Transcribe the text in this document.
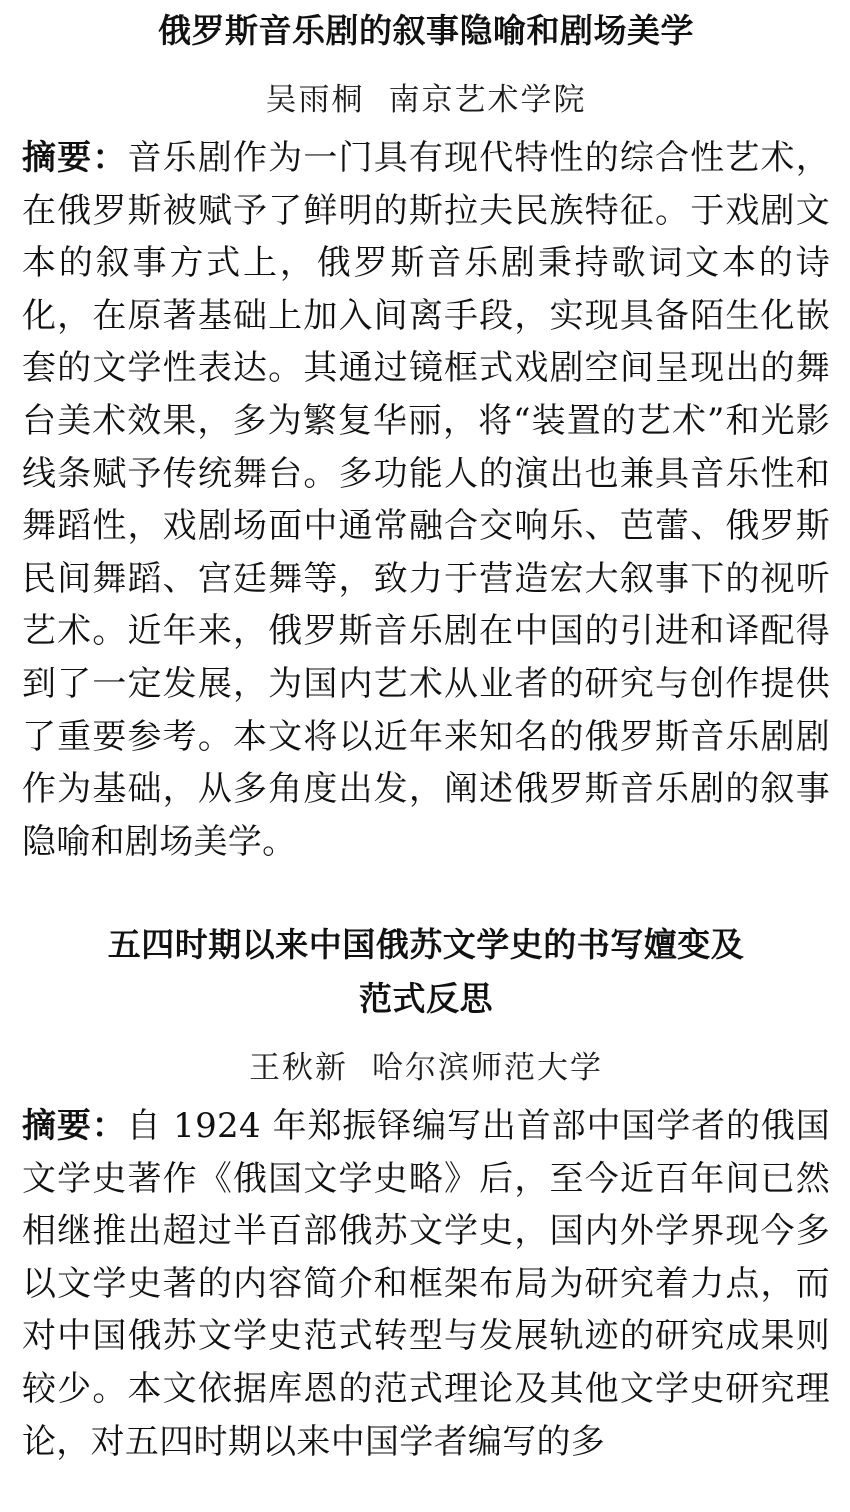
俄罗斯音乐剧的叙事隐喻和剧场美学
吴雨桐 南京艺术学院

摘要：音乐剧作为一门具有现代特性的综合性艺术，在俄罗斯被赋予了鲜明的斯拉夫民族特征。于戏剧文本的叙事方式上，俄罗斯音乐剧秉持歌词文本的诗化，在原著基础上加入间离手段，实现具备陌生化嵌套的文学性表达。其通过镜框式戏剧空间呈现出的舞台美术效果，多为繁复华丽，将“装置的艺术”和光影线条赋予传统舞台。多功能人的演出也兼具音乐性和舞蹈性，戏剧场面中通常融合交响乐、芭蕾、俄罗斯民间舞蹈、宫廷舞等，致力于营造宏大叙事下的视听艺术。近年来，俄罗斯音乐剧在中国的引进和译配得到了一定发展，为国内艺术从业者的研究与创作提供了重要参考。本文将以近年来知名的俄罗斯音乐剧剧作为基础，从多角度出发，阐述俄罗斯音乐剧的叙事隐喻和剧场美学。

五四时期以来中国俄苏文学史的书写嬗变及
范式反思
王秋新 哈尔滨师范大学

摘要：自 1924 年郑振铎编写出首部中国学者的俄国文学史著作《俄国文学史略》后，至今近百年间已然相继推出超过半百部俄苏文学史，国内外学界现今多以文学史著的内容简介和框架布局为研究着力点，而对中国俄苏文学史范式转型与发展轨迹的研究成果则较少。本文依据库恩的范式理论及其他文学史研究理论，对五四时期以来中国学者编写的多
